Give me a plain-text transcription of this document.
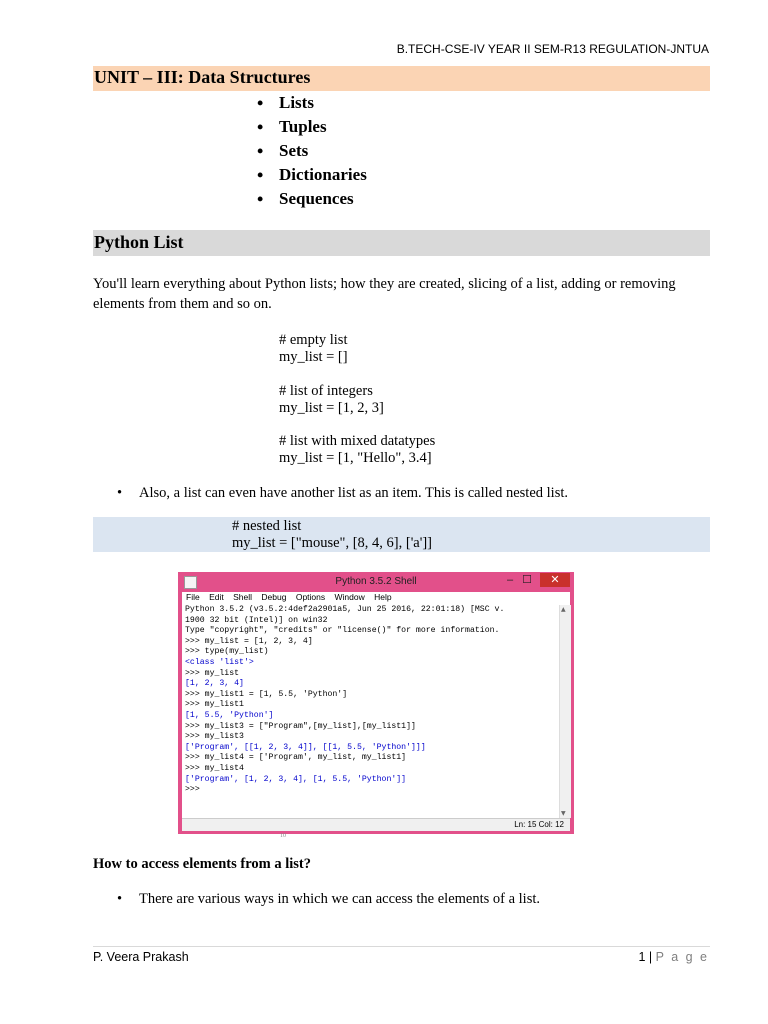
B.TECH-CSE-IV YEAR II SEM-R13 REGULATION-JNTUA
UNIT – III: Data Structures
• Lists
• Tuples
• Sets
• Dictionaries
• Sequences
Python List
You'll learn everything about Python lists; how they are created, slicing of a list, adding or removing elements from them and so on.
# empty list
my_list = []
# list of integers
my_list = [1, 2, 3]
# list with mixed datatypes
my_list = [1, "Hello", 3.4]
• Also, a list can even have another list as an item. This is called nested list.
# nested list
my_list = ["mouse", [8, 4, 6], ['a']]
Python 3.5.2 Shell	– ☐	✕
File Edit Shell Debug Options Window Help
Python 3.5.2 (v3.5.2:4def2a2901a5, Jun 25 2016, 22:01:18) [MSC v.
1900 32 bit (Intel)] on win32
Type "copyright", "credits" or "license()" for more information.
>>> my_list = [1, 2, 3, 4]
>>> type(my_list)
<class 'list'>
>>> my_list
[1, 2, 3, 4]
>>> my_list1 = [1, 5.5, 'Python']
>>> my_list1
[1, 5.5, 'Python']
>>> my_list3 = ["Program",[my_list],[my_list1]]
>>> my_list3
['Program', [[1, 2, 3, 4]], [[1, 5.5, 'Python']]]
>>> my_list4 = ['Program', my_list, my_list1]
>>> my_list4
['Program', [1, 2, 3, 4], [1, 5.5, 'Python']]
>>>
▲
▼
Ln: 15 Col: 12
10
How to access elements from a list?
• There are various ways in which we can access the elements of a list.
P. Veera Prakash	1 | P a g e
